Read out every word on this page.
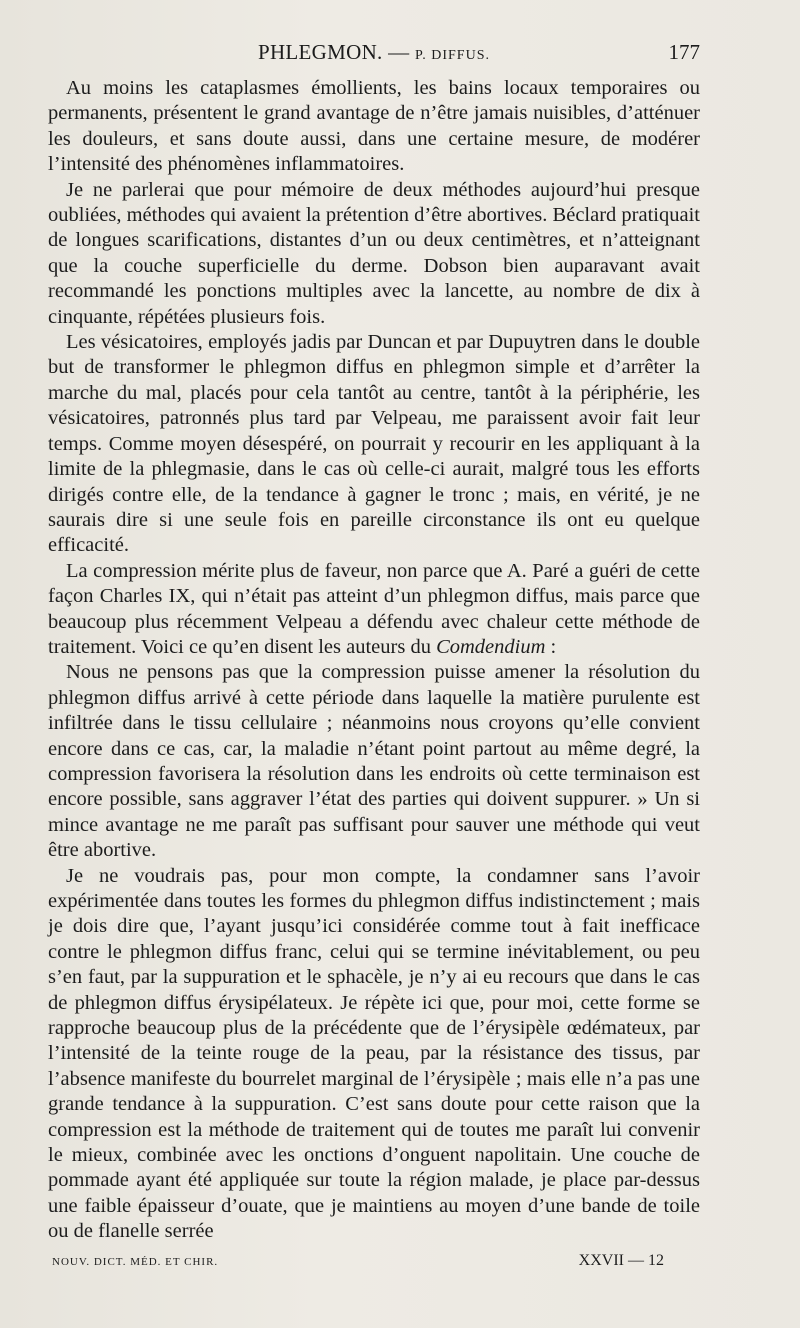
PHLEGMON. — P. DIFFUS.	177

Au moins les cataplasmes émollients, les bains locaux temporaires ou permanents, présentent le grand avantage de n’être jamais nuisibles, d’atténuer les douleurs, et sans doute aussi, dans une certaine mesure, de modérer l’intensité des phénomènes inflammatoires.

Je ne parlerai que pour mémoire de deux méthodes aujourd’hui presque oubliées, méthodes qui avaient la prétention d’être abortives. Béclard pratiquait de longues scarifications, distantes d’un ou deux centimètres, et n’atteignant que la couche superficielle du derme. Dobson bien auparavant avait recommandé les ponctions multiples avec la lancette, au nombre de dix à cinquante, répétées plusieurs fois.

Les vésicatoires, employés jadis par Duncan et par Dupuytren dans le double but de transformer le phlegmon diffus en phlegmon simple et d’arrêter la marche du mal, placés pour cela tantôt au centre, tantôt à la périphérie, les vésicatoires, patronnés plus tard par Velpeau, me paraissent avoir fait leur temps. Comme moyen désespéré, on pourrait y recourir en les appliquant à la limite de la phlegmasie, dans le cas où celle-ci aurait, malgré tous les efforts dirigés contre elle, de la tendance à gagner le tronc ; mais, en vérité, je ne saurais dire si une seule fois en pareille circonstance ils ont eu quelque efficacité.

La compression mérite plus de faveur, non parce que A. Paré a guéri de cette façon Charles IX, qui n’était pas atteint d’un phlegmon diffus, mais parce que beaucoup plus récemment Velpeau a défendu avec chaleur cette méthode de traitement. Voici ce qu’en disent les auteurs du Comdendium :

Nous ne pensons pas que la compression puisse amener la résolution du phlegmon diffus arrivé à cette période dans laquelle la matière purulente est infiltrée dans le tissu cellulaire ; néanmoins nous croyons qu’elle convient encore dans ce cas, car, la maladie n’étant point partout au même degré, la compression favorisera la résolution dans les endroits où cette terminaison est encore possible, sans aggraver l’état des parties qui doivent suppurer. » Un si mince avantage ne me paraît pas suffisant pour sauver une méthode qui veut être abortive.

Je ne voudrais pas, pour mon compte, la condamner sans l’avoir expérimentée dans toutes les formes du phlegmon diffus indistinctement ; mais je dois dire que, l’ayant jusqu’ici considérée comme tout à fait inefficace contre le phlegmon diffus franc, celui qui se termine inévitablement, ou peu s’en faut, par la suppuration et le sphacèle, je n’y ai eu recours que dans le cas de phlegmon diffus érysipélateux. Je répète ici que, pour moi, cette forme se rapproche beaucoup plus de la précédente que de l’érysipèle œdémateux, par l’intensité de la teinte rouge de la peau, par la résistance des tissus, par l’absence manifeste du bourrelet marginal de l’érysipèle ; mais elle n’a pas une grande tendance à la suppuration. C’est sans doute pour cette raison que la compression est la méthode de traitement qui de toutes me paraît lui convenir le mieux, combinée avec les onctions d’onguent napolitain. Une couche de pommade ayant été appliquée sur toute la région malade, je place par-dessus une faible épaisseur d’ouate, que je maintiens au moyen d’une bande de toile ou de flanelle serrée

NOUV. DICT. MÉD. ET CHIR.	XXVII — 12
